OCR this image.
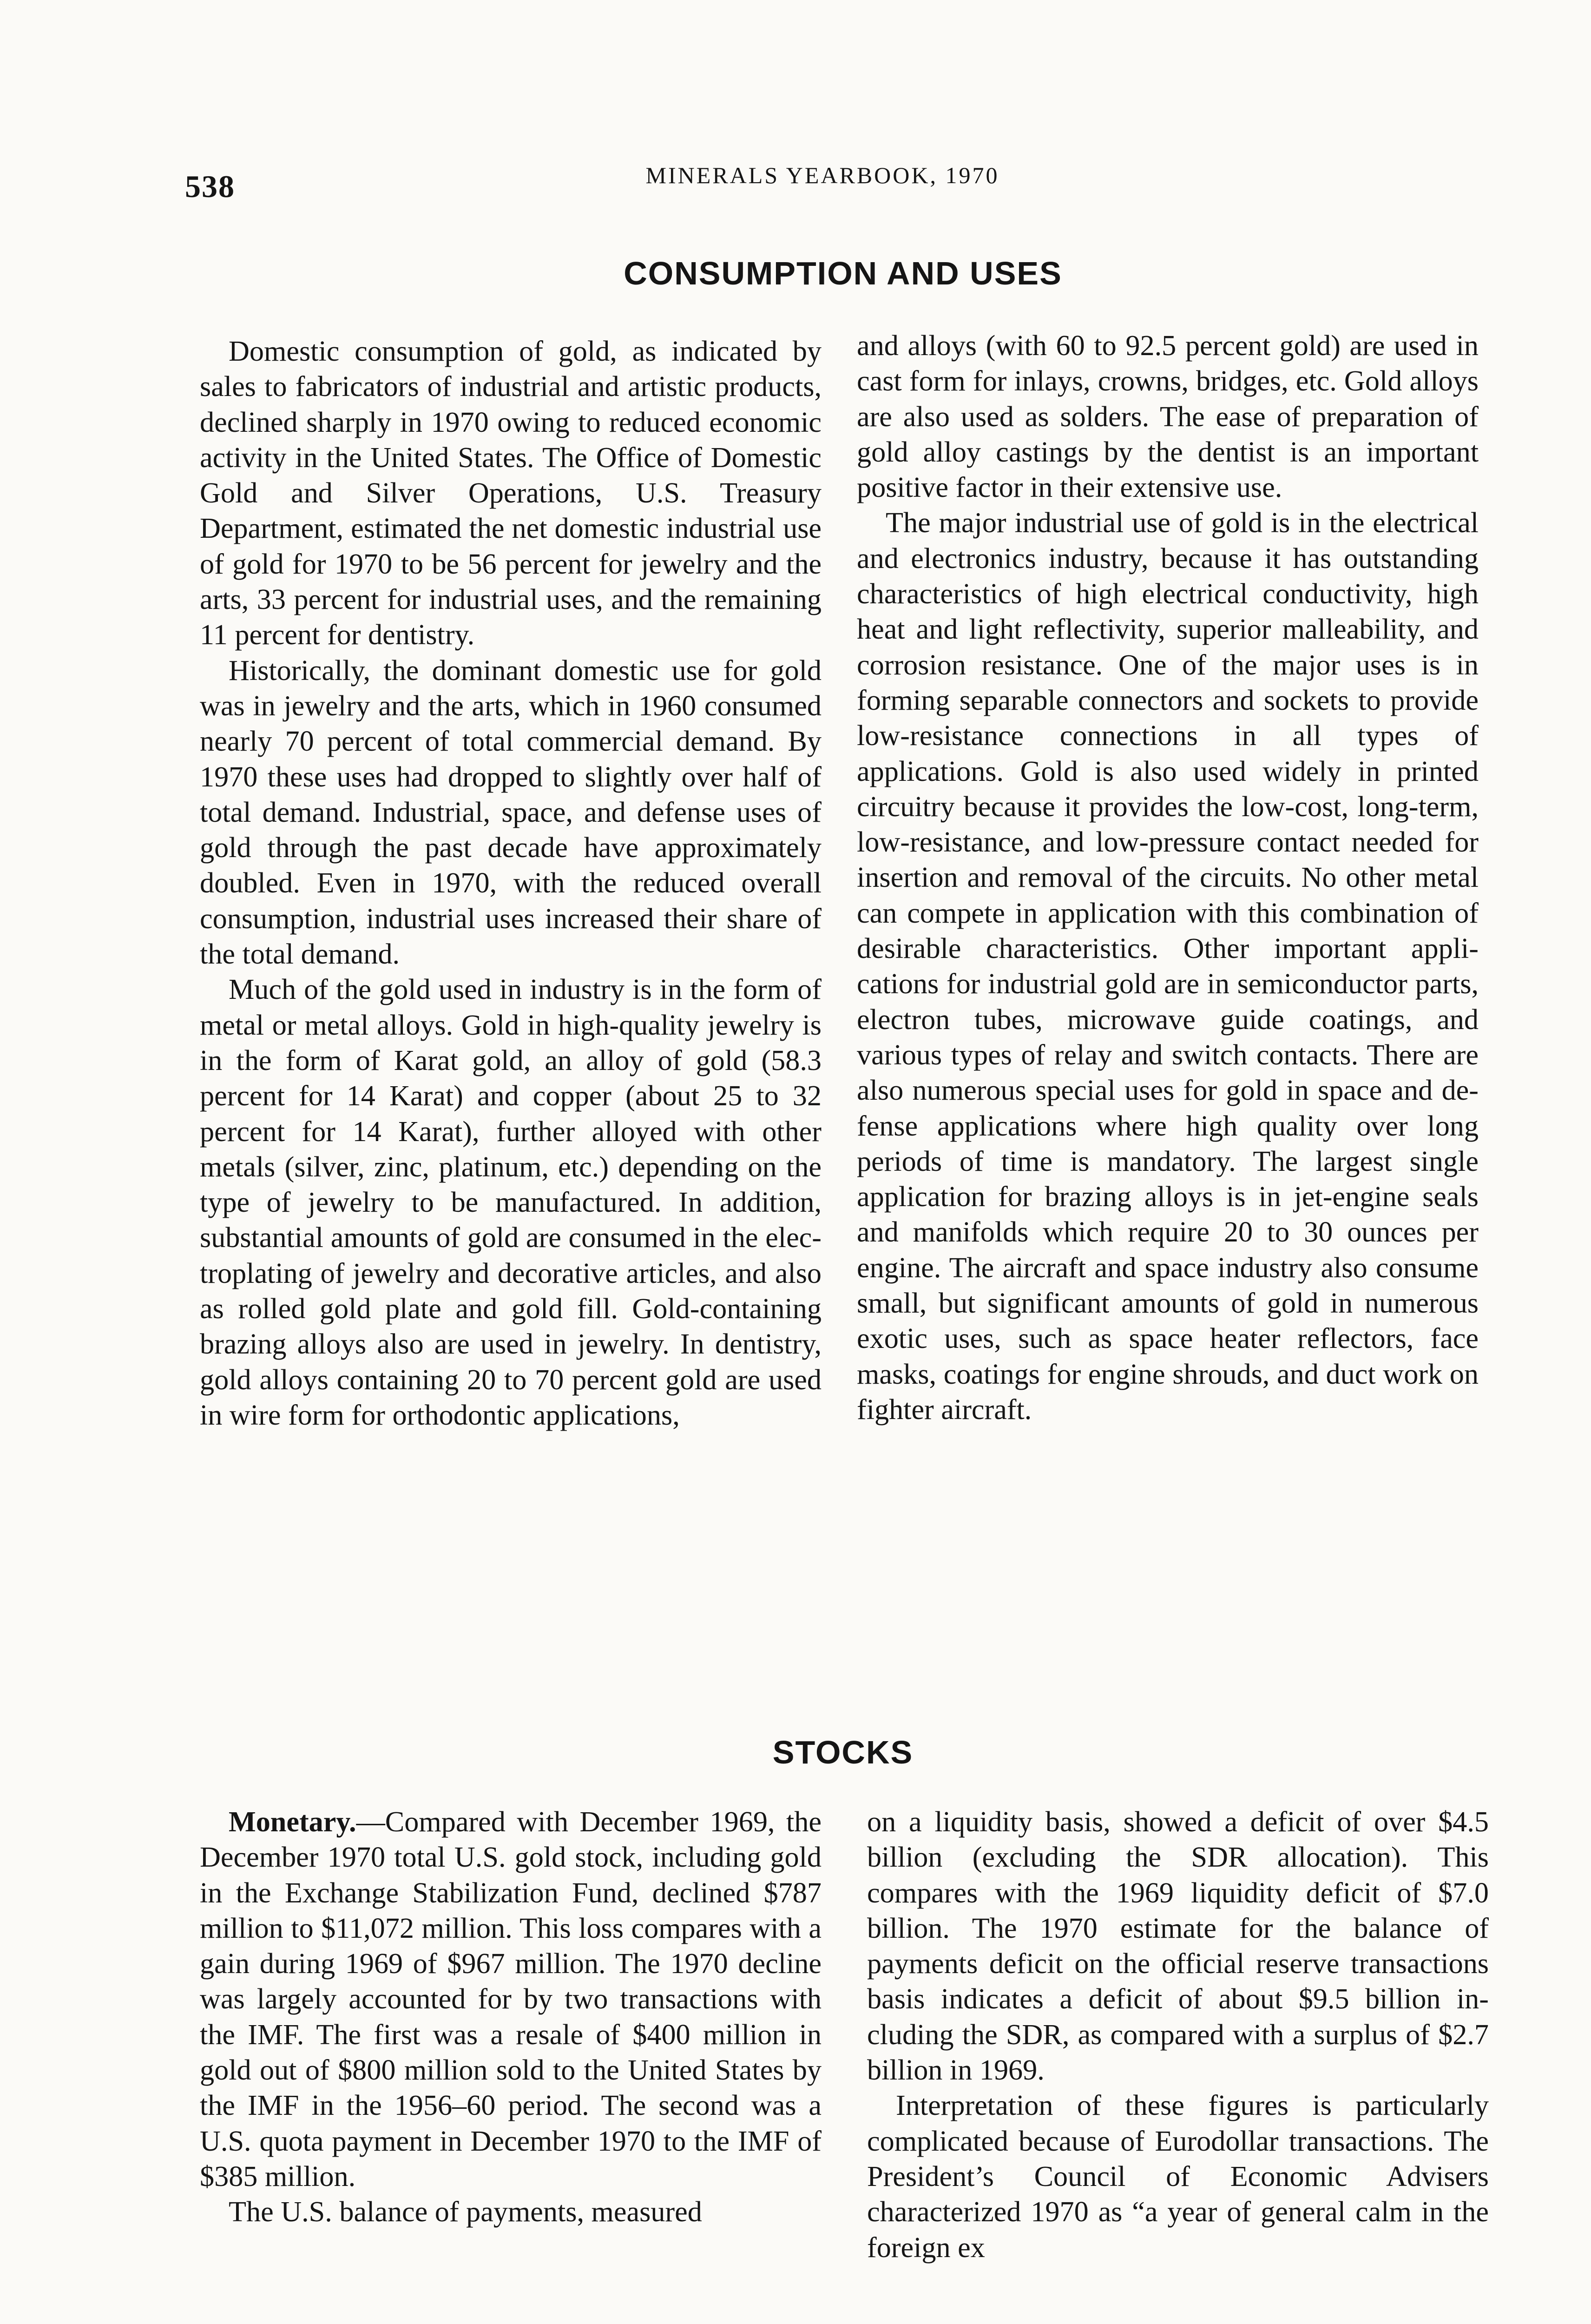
538	MINERALS YEARBOOK, 1970
CONSUMPTION AND USES

Domestic consumption of gold, as indicated by sales to fabricators of industrial and artistic products, declined sharply in 1970 owing to reduced economic activity in the United States. The Office of Domestic Gold and Silver Operations, U.S. Treasury Department, estimated the net domestic industrial use of gold for 1970 to be 56 percent for jewelry and the arts, 33 percent for industrial uses, and the remaining 11 percent for dentistry.

Historically, the dominant domestic use for gold was in jewelry and the arts, which in 1960 consumed nearly 70 percent of total commercial demand. By 1970 these uses had dropped to slightly over half of total demand. Industrial, space, and defense uses of gold through the past decade have approximately doubled. Even in 1970, with the reduced overall consumption, industrial uses increased their share of the total demand.

Much of the gold used in industry is in the form of metal or metal alloys. Gold in high-quality jewelry is in the form of Karat gold, an alloy of gold (58.3 percent for 14 Karat) and copper (about 25 to 32 percent for 14 Karat), further alloyed with other metals (silver, zinc, platinum, etc.) depending on the type of jewelry to be manufactured. In addition, substantial amounts of gold are consumed in the electroplating of jewelry and decorative articles, and also as rolled gold plate and gold fill. Gold-containing brazing alloys also are used in jewelry. In dentistry, gold alloys containing 20 to 70 percent gold are used in wire form for orthodontic applications,

and alloys (with 60 to 92.5 percent gold) are used in cast form for inlays, crowns, bridges, etc. Gold alloys are also used as solders. The ease of preparation of gold alloy castings by the dentist is an important positive factor in their extensive use.

The major industrial use of gold is in the electrical and electronics industry, because it has outstanding characteristics of high electrical conductivity, high heat and light reflectivity, superior malleability, and corrosion resistance. One of the major uses is in forming separable connectors and sockets to provide low-resistance connections in all types of applications. Gold is also used widely in printed circuitry because it provides the low-cost, long-term, low-resistance, and low-pressure contact needed for insertion and removal of the circuits. No other metal can compete in application with this combination of desirable characteristics. Other important applications for industrial gold are in semiconductor parts, electron tubes, microwave guide coatings, and various types of relay and switch contacts. There are also numerous special uses for gold in space and defense applications where high quality over long periods of time is mandatory. The largest single application for brazing alloys is in jet-engine seals and manifolds which require 20 to 30 ounces per engine. The aircraft and space industry also consume small, but significant amounts of gold in numerous exotic uses, such as space heater reflectors, face masks, coatings for engine shrouds, and duct work on fighter aircraft.

STOCKS

Monetary.—Compared with December 1969, the December 1970 total U.S. gold stock, including gold in the Exchange Stabilization Fund, declined $787 million to $11,072 million. This loss compares with a gain during 1969 of $967 million. The 1970 decline was largely accounted for by two transactions with the IMF. The first was a resale of $400 million in gold out of $800 million sold to the United States by the IMF in the 1956–60 period. The second was a U.S. quota payment in December 1970 to the IMF of $385 million.

The U.S. balance of payments, measured

on a liquidity basis, showed a deficit of over $4.5 billion (excluding the SDR allocation). This compares with the 1969 liquidity deficit of $7.0 billion. The 1970 estimate for the balance of payments deficit on the official reserve transactions basis indicates a deficit of about $9.5 billion including the SDR, as compared with a surplus of $2.7 billion in 1969.

Interpretation of these figures is particularly complicated because of Eurodollar transactions. The President’s Council of Economic Advisers characterized 1970 as “a year of general calm in the foreign ex
